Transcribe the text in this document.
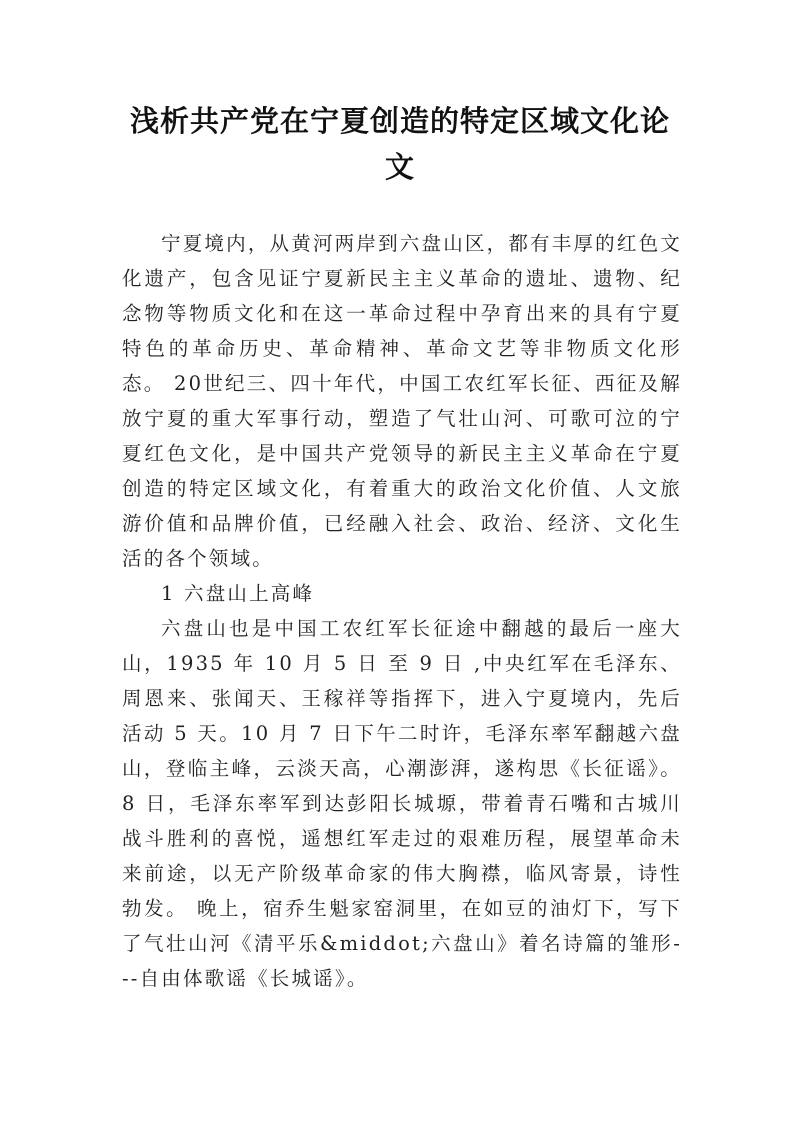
浅析共产党在宁夏创造的特定区域文化论文

宁夏境内，从黄河两岸到六盘山区，都有丰厚的红色文化遗产，包含见证宁夏新民主主义革命的遗址、遗物、纪念物等物质文化和在这一革命过程中孕育出来的具有宁夏特色的革命历史、革命精神、革命文艺等非物质文化形态。 20世纪三、四十年代，中国工农红军长征、西征及解放宁夏的重大军事行动，塑造了气壮山河、可歌可泣的宁夏红色文化，是中国共产党领导的新民主主义革命在宁夏创造的特定区域文化，有着重大的政治文化价值、人文旅游价值和品牌价值，已经融入社会、政治、经济、文化生活的各个领域。

1 六盘山上高峰

六盘山也是中国工农红军长征途中翻越的最后一座大山，1935 年 10 月 5 日 至 9 日 ,中央红军在毛泽东、周恩来、张闻天、王稼祥等指挥下，进入宁夏境内，先后活动 5 天。10 月 7 日下午二时许，毛泽东率军翻越六盘山，登临主峰，云淡天高，心潮澎湃，遂构思《长征谣》。 8 日，毛泽东率军到达彭阳长城塬，带着青石嘴和古城川战斗胜利的喜悦，遥想红军走过的艰难历程，展望革命未来前途，以无产阶级革命家的伟大胸襟，临风寄景，诗性勃发。 晚上，宿乔生魁家窑洞里，在如豆的油灯下，写下了气壮山河《清平乐&middot;六盘山》着名诗篇的雏形---自由体歌谣《长城谣》。
